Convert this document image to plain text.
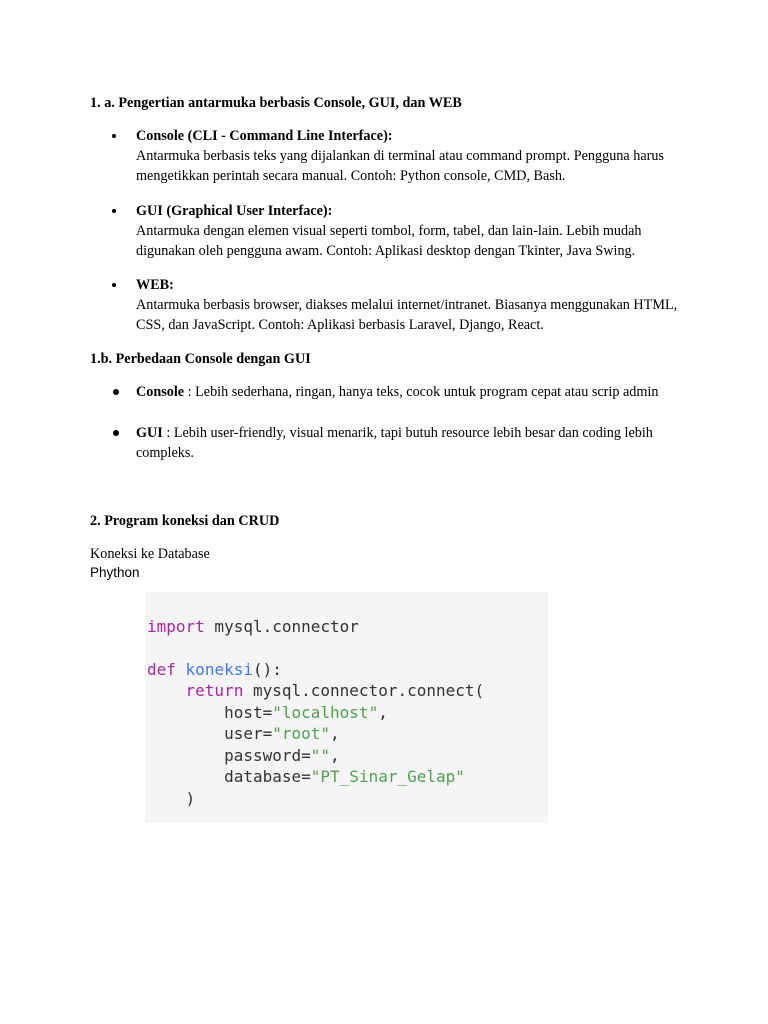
1. a. Pengertian antarmuka berbasis Console, GUI, dan WEB
Console (CLI - Command Line Interface):
Antarmuka berbasis teks yang dijalankan di terminal atau command prompt. Pengguna harus mengetikkan perintah secara manual. Contoh: Python console, CMD, Bash.
GUI (Graphical User Interface):
Antarmuka dengan elemen visual seperti tombol, form, tabel, dan lain-lain. Lebih mudah digunakan oleh pengguna awam. Contoh: Aplikasi desktop dengan Tkinter, Java Swing.
WEB:
Antarmuka berbasis browser, diakses melalui internet/intranet. Biasanya menggunakan HTML, CSS, dan JavaScript. Contoh: Aplikasi berbasis Laravel, Django, React.
1.b. Perbedaan Console dengan GUI
Console : Lebih sederhana, ringan, hanya teks, cocok untuk program cepat atau scrip admin
GUI : Lebih user-friendly, visual menarik, tapi butuh resource lebih besar dan coding lebih compleks.
2. Program koneksi dan CRUD
Koneksi ke Database
Phython
import mysql.connector
def koneksi():
return mysql.connector.connect(
host="localhost",
user="root",
password="",
database="PT_Sinar_Gelap"
)
